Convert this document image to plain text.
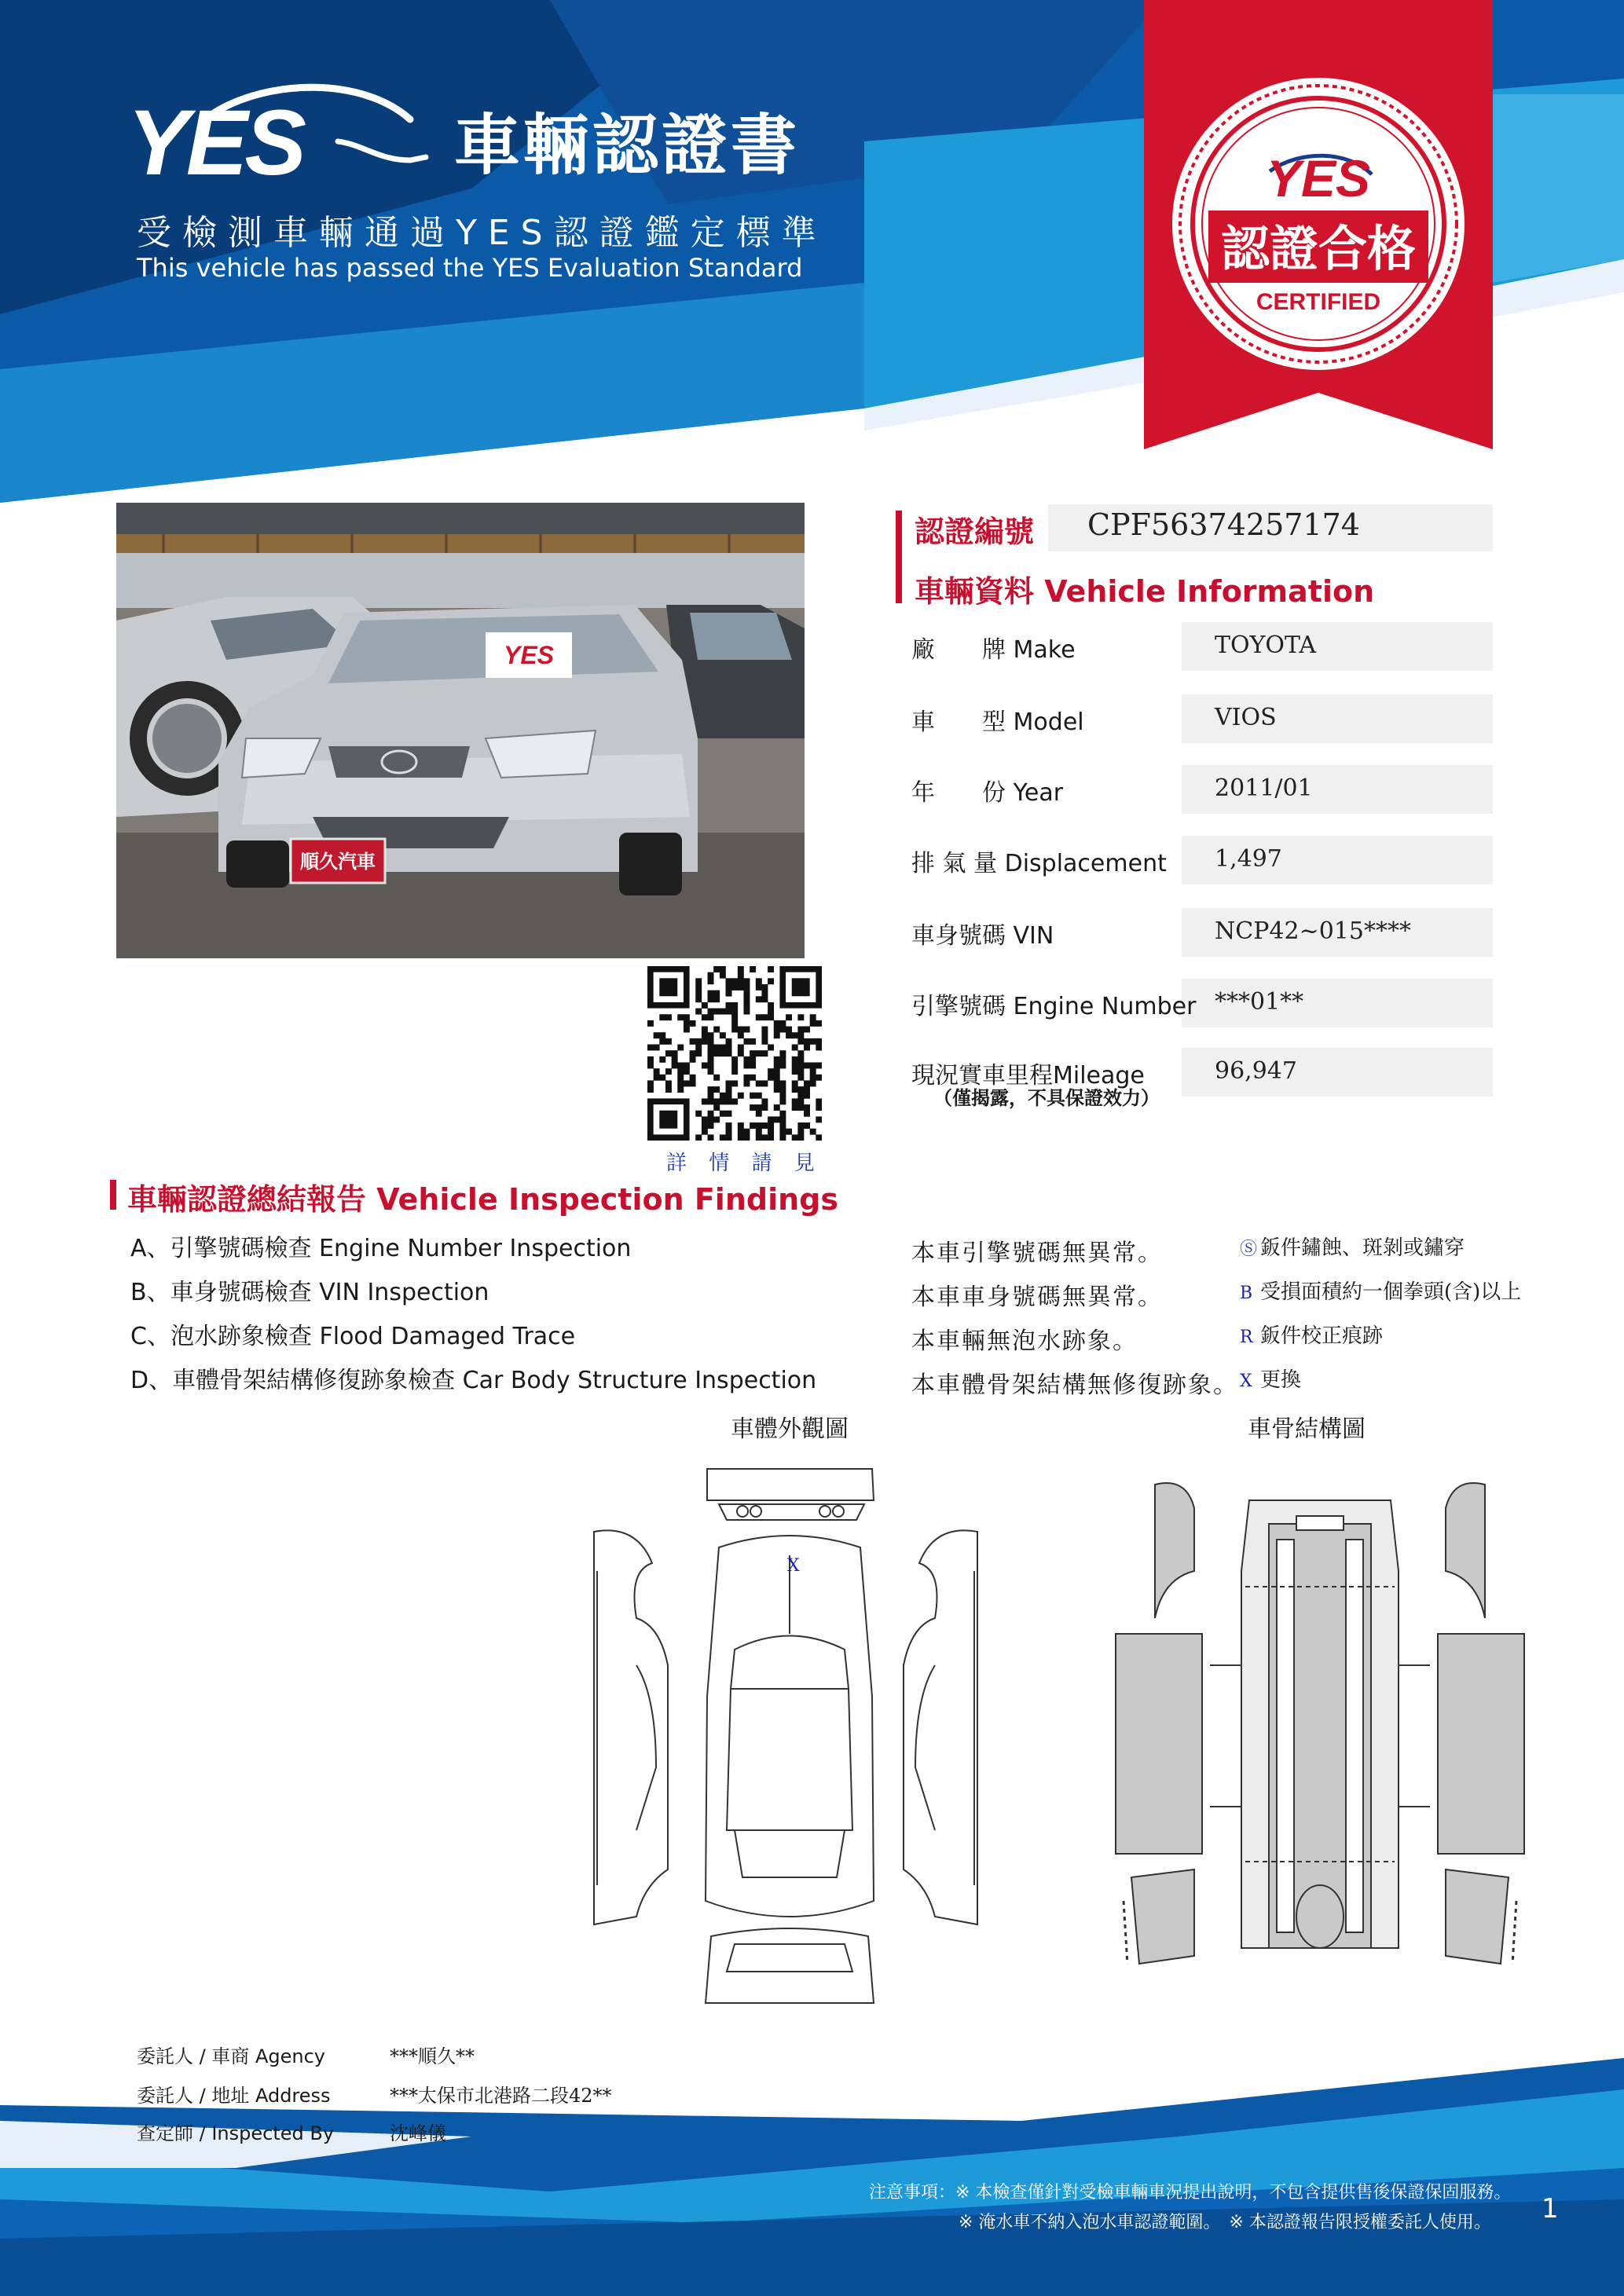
YES 車輛認證書
受檢測車輛通過YES認證鑑定標準
This vehicle has passed the YES Evaluation Standard
YES
認證合格
CERTIFIED
YES
順久汽車
詳 情 請 見
認證編號 CPF56374257174
車輛資料 Vehicle Information
廠　　牌 Make	TOYOTA
車　　型 Model	VIOS
年　　份 Year	2011/01
排 氣 量 Displacement 1,497
車身號碼 VIN	NCP42~015****
引擎號碼 Engine Number ***01**
現況實車里程Mileage	96,947
（僅揭露，不具保證效力）
車輛認證總結報告 Vehicle Inspection Findings
A、引擎號碼檢查 Engine Number Inspection	本車引擎號碼無異常。
B、車身號碼檢查 VIN Inspection	本車車身號碼無異常。
C、泡水跡象檢查 Flood Damaged Trace	本車輛無泡水跡象。
D、車體骨架結構修復跡象檢查 Car Body Structure Inspection	本車體骨架結構無修復跡象。
Ⓢ 鈑件鏽蝕、斑剝或鏽穿
B 受損面積約一個拳頭(含)以上
R 鈑件校正痕跡
X 更換
車體外觀圖	車骨結構圖
X
委託人 / 車商 Agency	***順久**
委託人 / 地址 Address	***太保市北港路二段42**
查定師 / Inspected By	沈峰儀
注意事項：※ 本檢查僅針對受檢車輛車況提出說明，不包含提供售後保證保固服務。
※ 淹水車不納入泡水車認證範圍。　※ 本認證報告限授權委託人使用。 1
